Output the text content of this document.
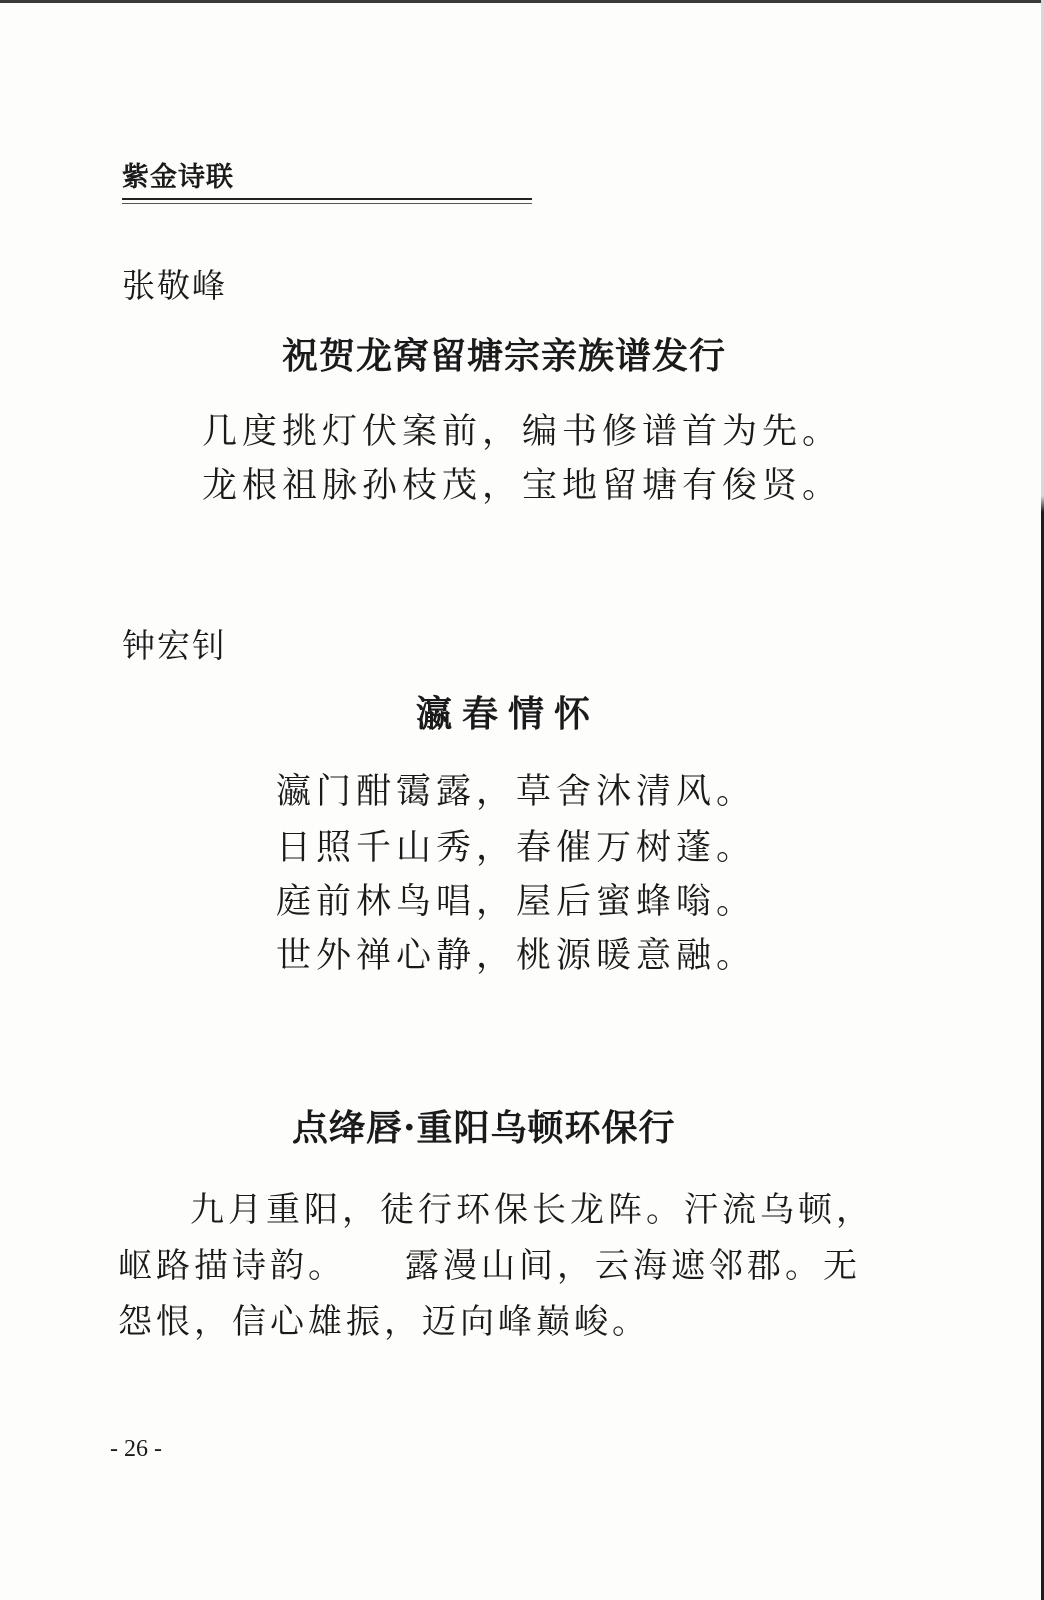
紫金诗联
张敬峰
祝贺龙窝留塘宗亲族谱发行
几度挑灯伏案前，编书修谱首为先。
龙根祖脉孙枝茂，宝地留塘有俊贤。
钟宏钊
瀛春情怀
瀛门酣霭露，草舍沐清风。
日照千山秀，春催万树蓬。
庭前林鸟唱，屋后蜜蜂嗡。
世外禅心静，桃源暖意融。
点绛唇·重阳乌顿环保行
九月重阳，徒行环保长龙阵。汗流乌顿，
岖路描诗韵。　　露漫山间，云海遮邻郡。无
怨恨，信心雄振，迈向峰巅峻。
- 26 -
